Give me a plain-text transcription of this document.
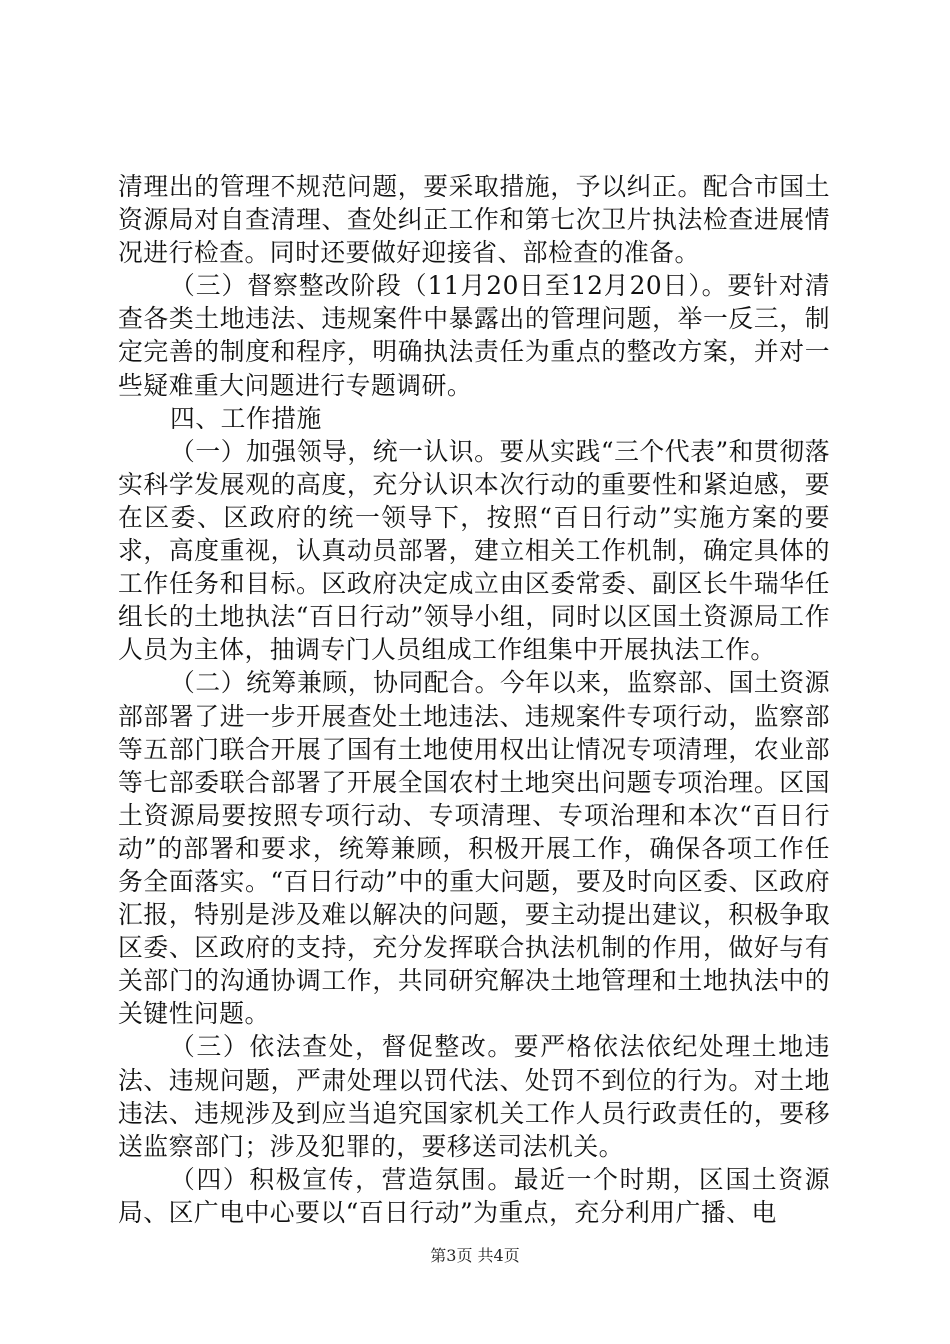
清理出的管理不规范问题，要采取措施，予以纠正。配合市国土资源局对自查清理、查处纠正工作和第七次卫片执法检查进展情况进行检查。同时还要做好迎接省、部检查的准备。

（三）督察整改阶段（11月20日至12月20日）。要针对清查各类土地违法、违规案件中暴露出的管理问题，举一反三，制定完善的制度和程序，明确执法责任为重点的整改方案，并对一些疑难重大问题进行专题调研。

四、工作措施

（一）加强领导，统一认识。要从实践“三个代表”和贯彻落实科学发展观的高度，充分认识本次行动的重要性和紧迫感，要在区委、区政府的统一领导下，按照“百日行动”实施方案的要求，高度重视，认真动员部署，建立相关工作机制，确定具体的工作任务和目标。区政府决定成立由区委常委、副区长牛瑞华任组长的土地执法“百日行动”领导小组，同时以区国土资源局工作人员为主体，抽调专门人员组成工作组集中开展执法工作。

（二）统筹兼顾，协同配合。今年以来，监察部、国土资源部部署了进一步开展查处土地违法、违规案件专项行动，监察部等五部门联合开展了国有土地使用权出让情况专项清理，农业部等七部委联合部署了开展全国农村土地突出问题专项治理。区国土资源局要按照专项行动、专项清理、专项治理和本次“百日行动”的部署和要求，统筹兼顾，积极开展工作，确保各项工作任务全面落实。“百日行动”中的重大问题，要及时向区委、区政府汇报，特别是涉及难以解决的问题，要主动提出建议，积极争取区委、区政府的支持，充分发挥联合执法机制的作用，做好与有关部门的沟通协调工作，共同研究解决土地管理和土地执法中的关键性问题。

（三）依法查处，督促整改。要严格依法依纪处理土地违法、违规问题，严肃处理以罚代法、处罚不到位的行为。对土地违法、违规涉及到应当追究国家机关工作人员行政责任的，要移送监察部门；涉及犯罪的，要移送司法机关。

（四）积极宣传，营造氛围。最近一个时期，区国土资源局、区广电中心要以“百日行动”为重点，充分利用广播、电

第3页 共4页
